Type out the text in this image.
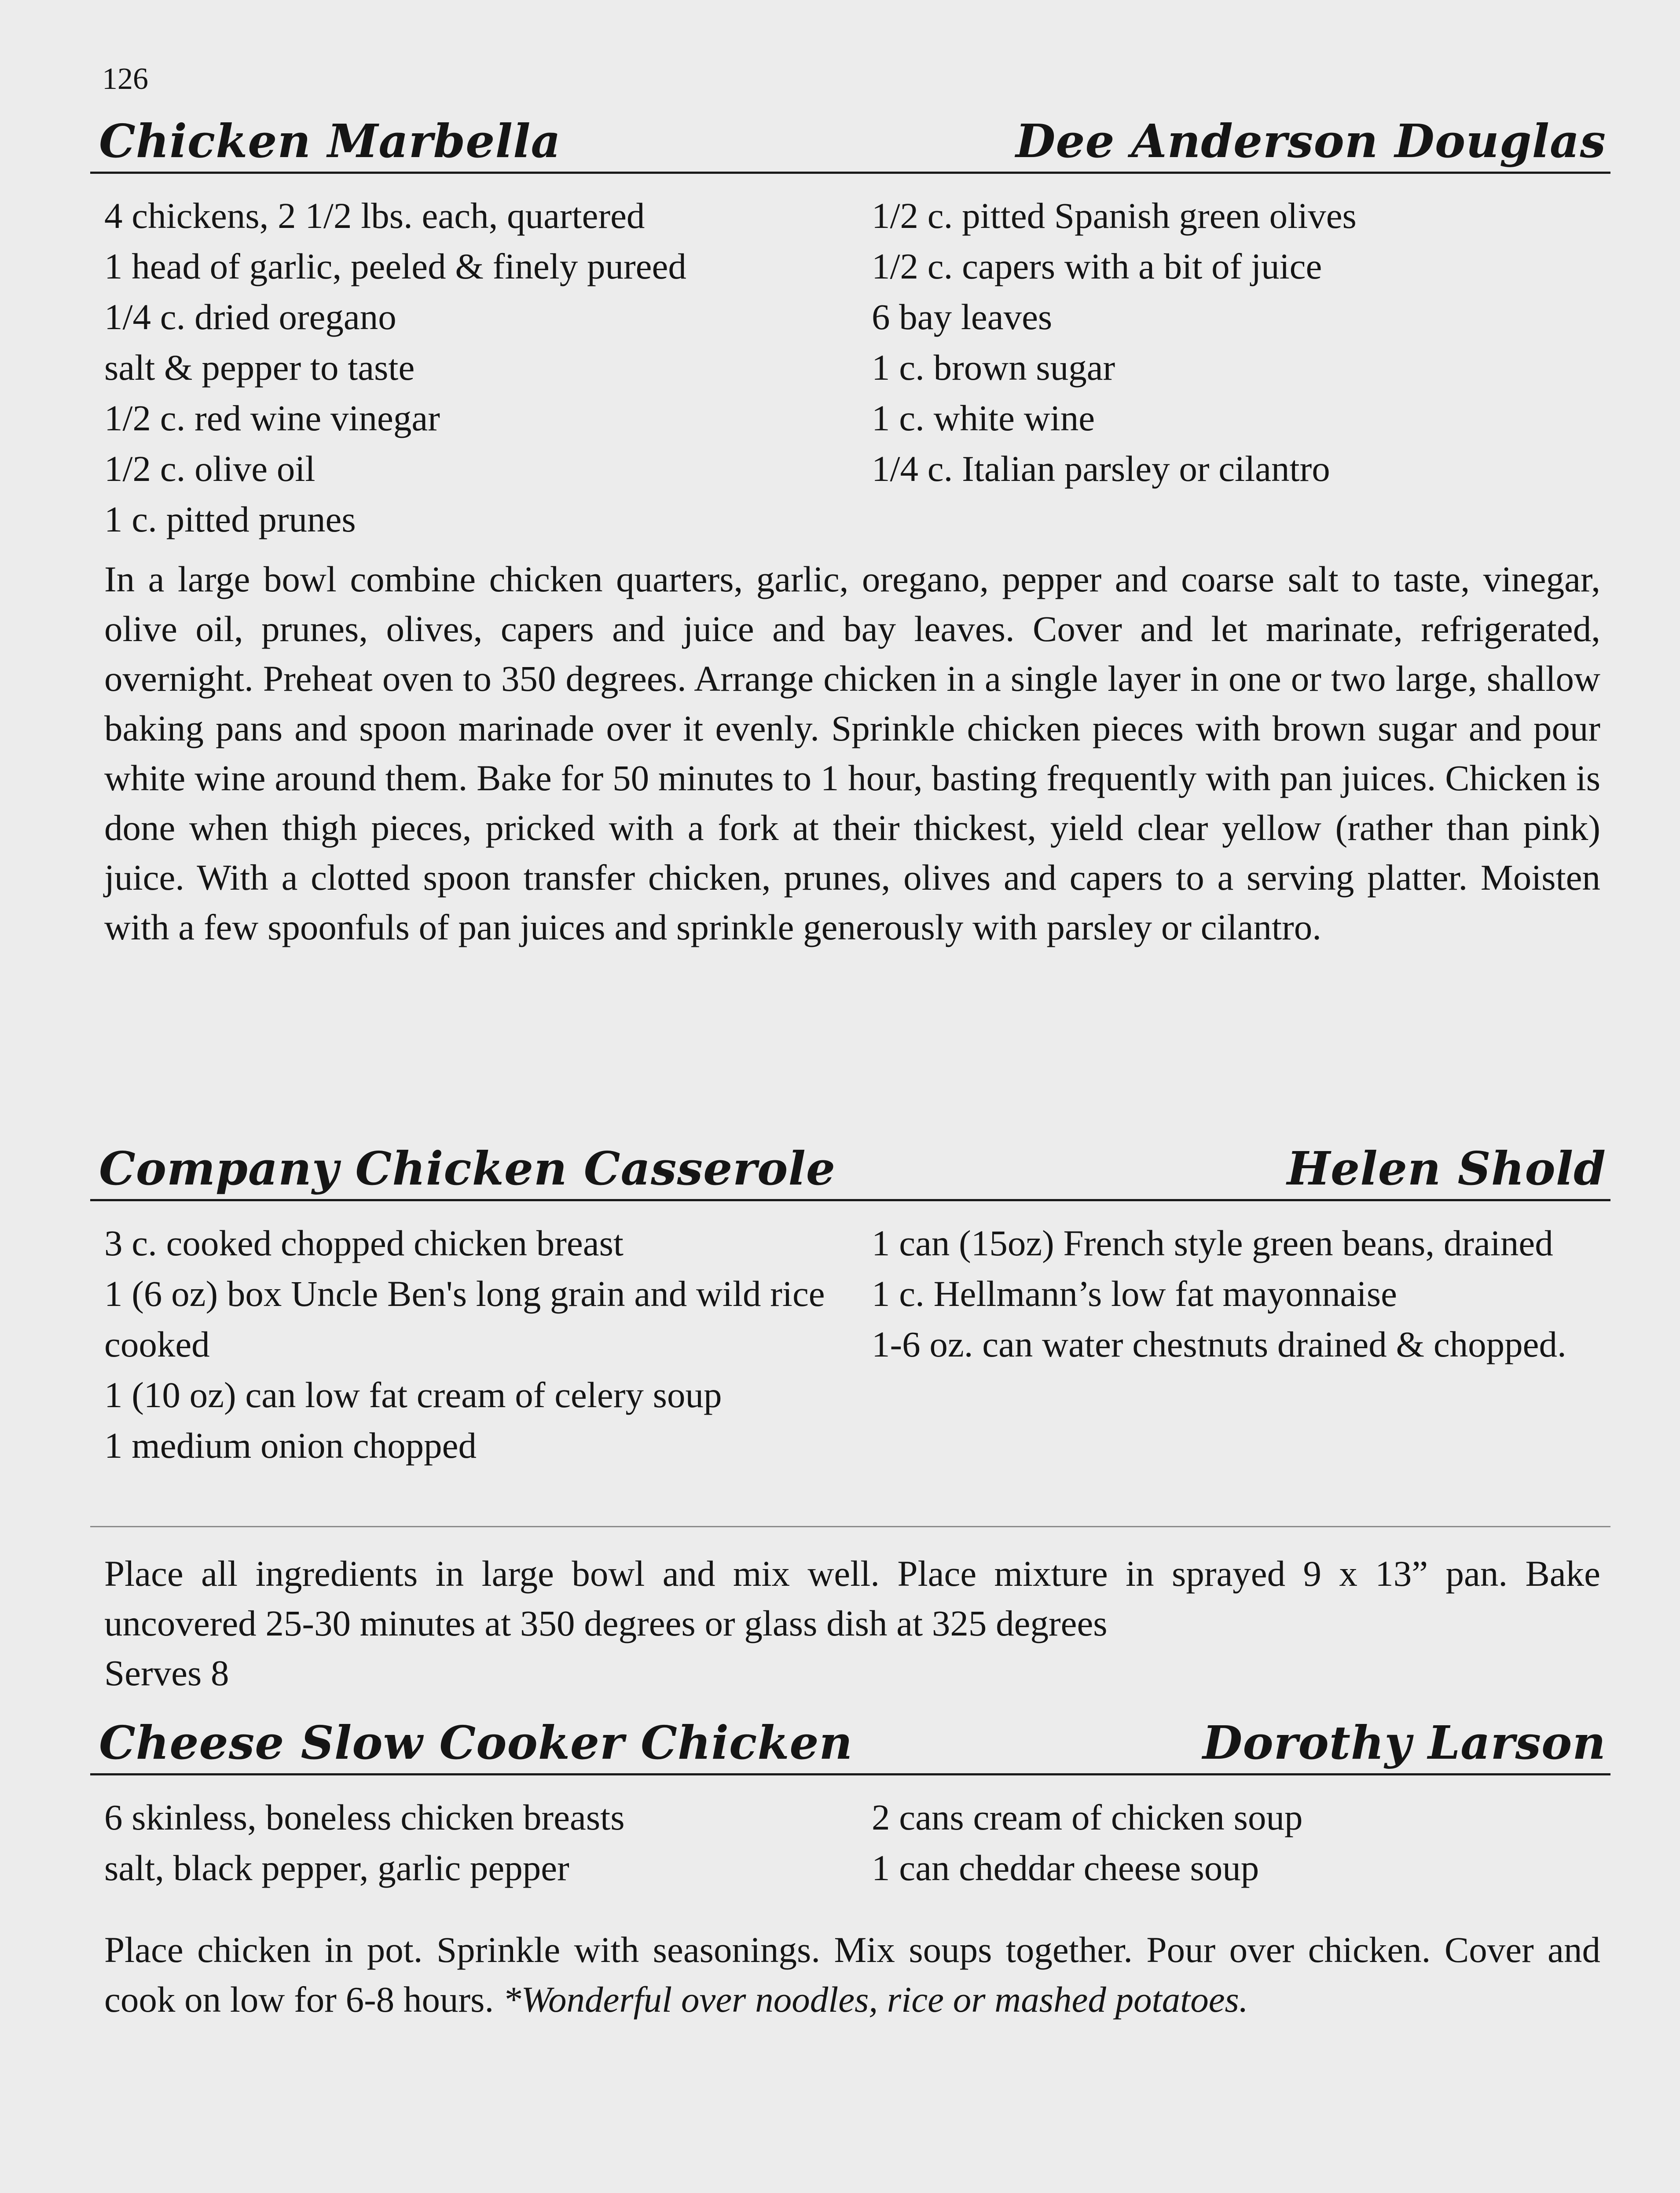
126
Chicken Marbella	Dee Anderson Douglas
4 chickens, 2 1/2 lbs. each, quartered
1 head of garlic, peeled & finely pureed
1/4 c. dried oregano
salt & pepper to taste
1/2 c. red wine vinegar
1/2 c. olive oil
1 c. pitted prunes
1/2 c. pitted Spanish green olives
1/2 c. capers with a bit of juice
6 bay leaves
1 c. brown sugar
1 c. white wine
1/4 c. Italian parsley or cilantro
In a large bowl combine chicken quarters, garlic, oregano, pepper and coarse salt to taste, vinegar, olive oil, prunes, olives, capers and juice and bay leaves. Cover and let marinate, refrigerated, overnight. Preheat oven to 350 degrees. Arrange chicken in a single layer in one or two large, shallow baking pans and spoon marinade over it evenly. Sprinkle chicken pieces with brown sugar and pour white wine around them. Bake for 50 minutes to 1 hour, basting frequently with pan juices. Chicken is done when thigh pieces, pricked with a fork at their thickest, yield clear yellow (rather than pink) juice. With a clotted spoon transfer chicken, prunes, olives and capers to a serving platter. Moisten with a few spoonfuls of pan juices and sprinkle generously with parsley or cilantro.
Company Chicken Casserole	Helen Shold
3 c. cooked chopped chicken breast
1 (6 oz) box Uncle Ben's long grain and wild rice cooked
1 (10 oz) can low fat cream of celery soup
1 medium onion chopped
1 can (15oz) French style green beans, drained
1 c. Hellmann’s low fat mayonnaise
1-6 oz. can water chestnuts drained & chopped.
Place all ingredients in large bowl and mix well. Place mixture in sprayed 9 x 13” pan. Bake uncovered 25-30 minutes at 350 degrees or glass dish at 325 degrees
Serves 8
Cheese Slow Cooker Chicken	Dorothy Larson
6 skinless, boneless chicken breasts
salt, black pepper, garlic pepper
2 cans cream of chicken soup
1 can cheddar cheese soup
Place chicken in pot. Sprinkle with seasonings. Mix soups together. Pour over chicken. Cover and cook on low for 6-8 hours. *Wonderful over noodles, rice or mashed potatoes.
